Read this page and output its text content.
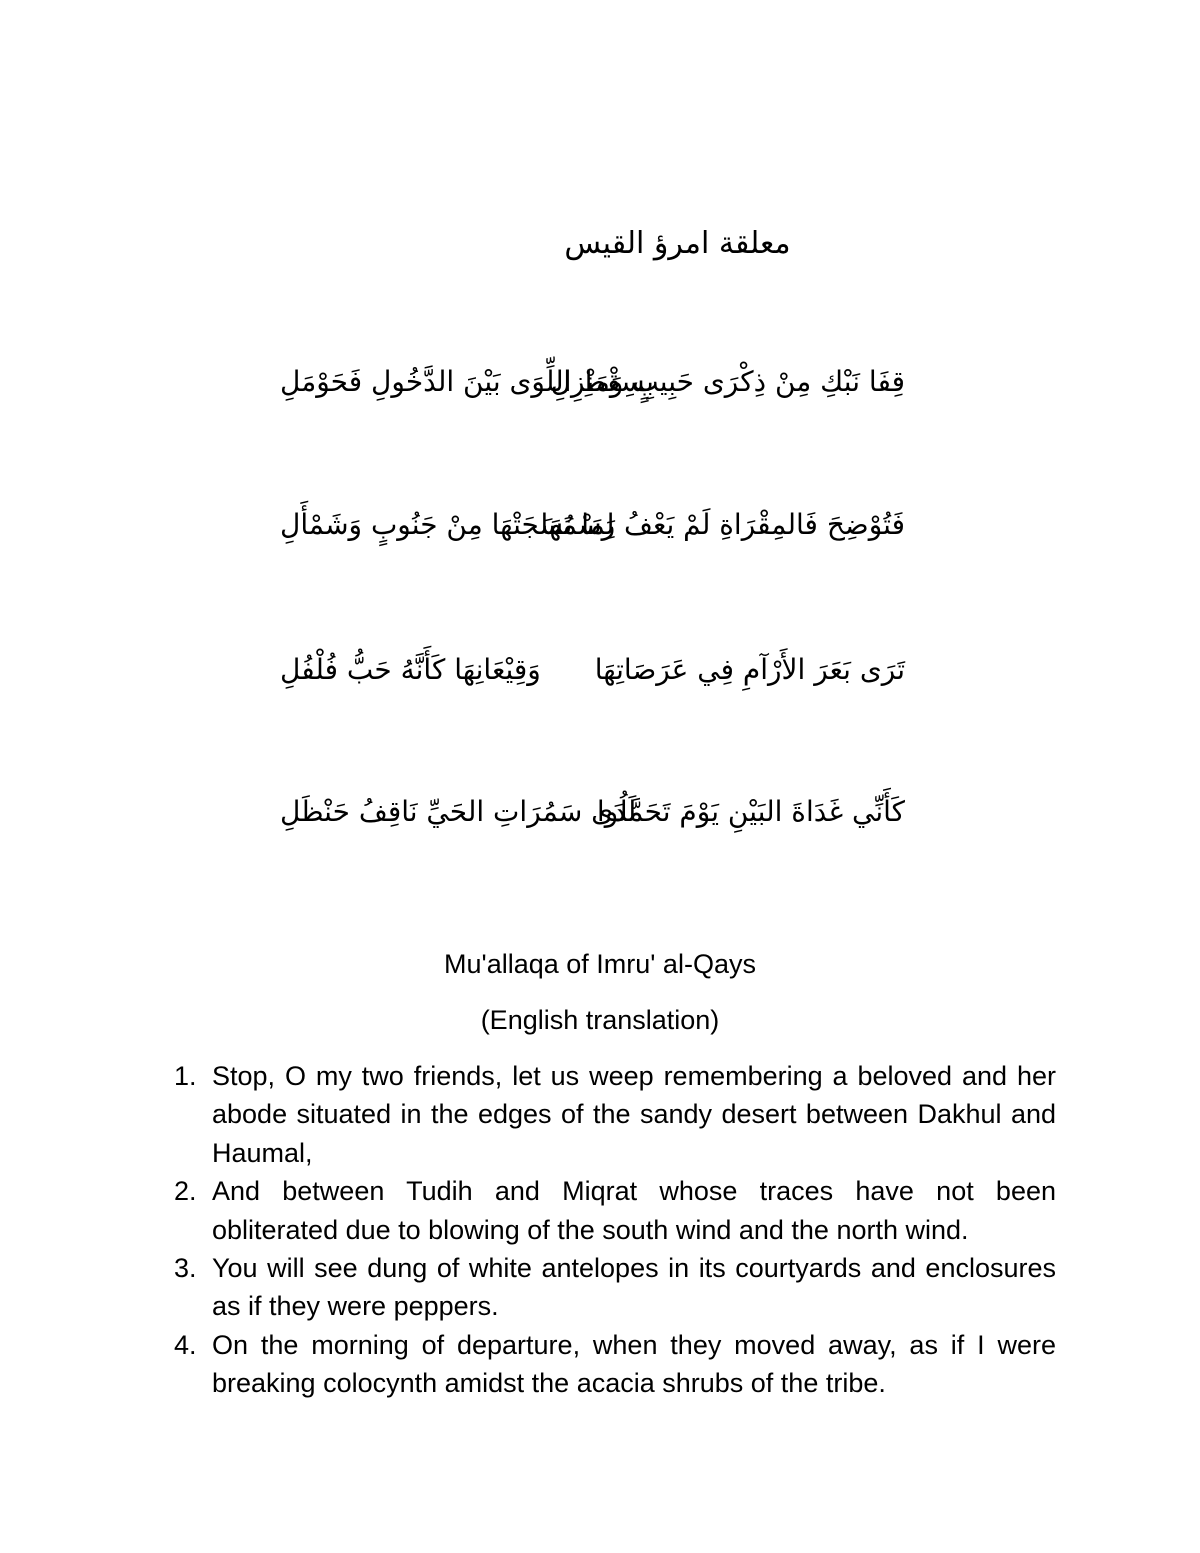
معلقة امرؤ القيس
قِفَا نَبْكِ مِنْ ذِكْرَى حَبِيبٍ وَمَنْزِلِ
بِسِقْطِ اللِّوَى بَيْنَ الدَّخُولِ فَحَوْمَلِ
فَتُوْضِحَ فَالمِقْرَاةِ لَمْ يَعْفُ رَسْمُهَا
لِمَا نَسَجَتْهَا مِنْ جَنُوبٍ وَشَمْأَلِ
تَرَى بَعَرَ الأَرْآمِ فِي عَرَصَاتِهَا
وَقِيْعَانِهَا كَأَنَّهُ حَبُّ فُلْفُلِ
كَأَنِّي غَدَاةَ البَيْنِ يَوْمَ تَحَمَّلُوا
لَدَى سَمُرَاتِ الحَيِّ نَاقِفُ حَنْظَلِ
Mu'allaqa of Imru' al-Qays
(English translation)
1. Stop, O my two friends, let us weep remembering a beloved and her abode situated in the edges of the sandy desert between Dakhul and Haumal,
2. And between Tudih and Miqrat whose traces have not been obliterated due to blowing of the south wind and the north wind.
3. You will see dung of white antelopes in its courtyards and enclosures as if they were peppers.
4. On the morning of departure, when they moved away, as if I were breaking colocynth amidst the acacia shrubs of the tribe.
